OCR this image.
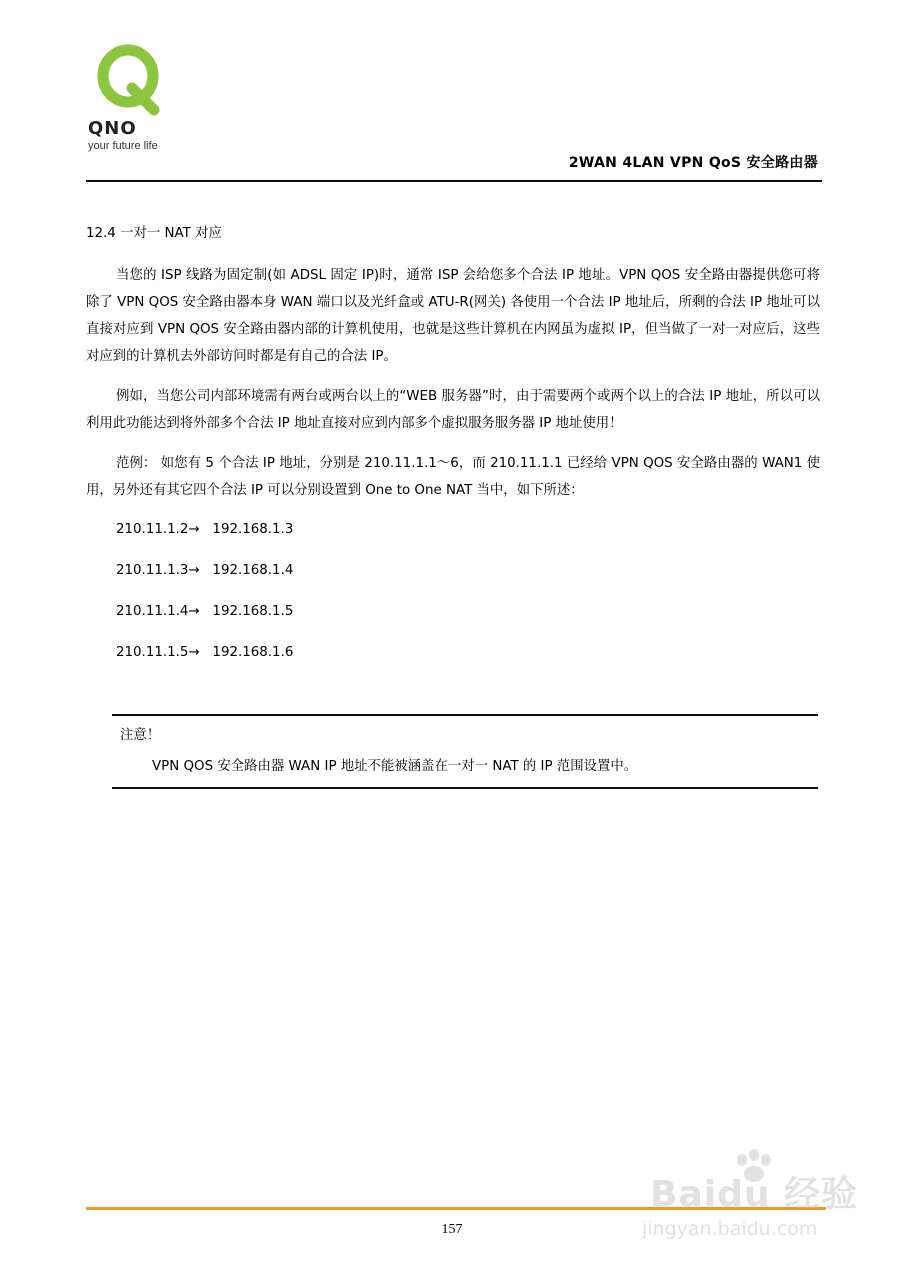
QNO
your future life
2WAN 4LAN VPN QoS 安全路由器
12.4 一对一 NAT 对应

当您的 ISP 线路为固定制(如 ADSL 固定 IP)时，通常 ISP 会给您多个合法 IP 地址。VPN QOS 安全路由器提供您可将除了 VPN QOS 安全路由器本身 WAN 端口以及光纤盒或 ATU-R(网关) 各使用一个合法 IP 地址后，所剩的合法 IP 地址可以直接对应到 VPN QOS 安全路由器内部的计算机使用，也就是这些计算机在内网虽为虚拟 IP，但当做了一对一对应后，这些对应到的计算机去外部访问时都是有自己的合法 IP。

例如，当您公司内部环境需有两台或两台以上的“WEB 服务器”时，由于需要两个或两个以上的合法 IP 地址，所以可以利用此功能达到将外部多个合法 IP 地址直接对应到内部多个虚拟服务服务器 IP 地址使用！

范例： 如您有 5 个合法 IP 地址，分别是 210.11.1.1～6，而 210.11.1.1 已经给 VPN QOS 安全路由器的 WAN1 使用，另外还有其它四个合法 IP 可以分别设置到 One to One NAT 当中，如下所述：

210.11.1.2→ 192.168.1.3
210.11.1.3→ 192.168.1.4
210.11.1.4→ 192.168.1.5
210.11.1.5→ 192.168.1.6
注意！
VPN QOS 安全路由器 WAN IP 地址不能被涵盖在一对一 NAT 的 IP 范围设置中。
157
Baidu 经验
jingyan.baidu.com
